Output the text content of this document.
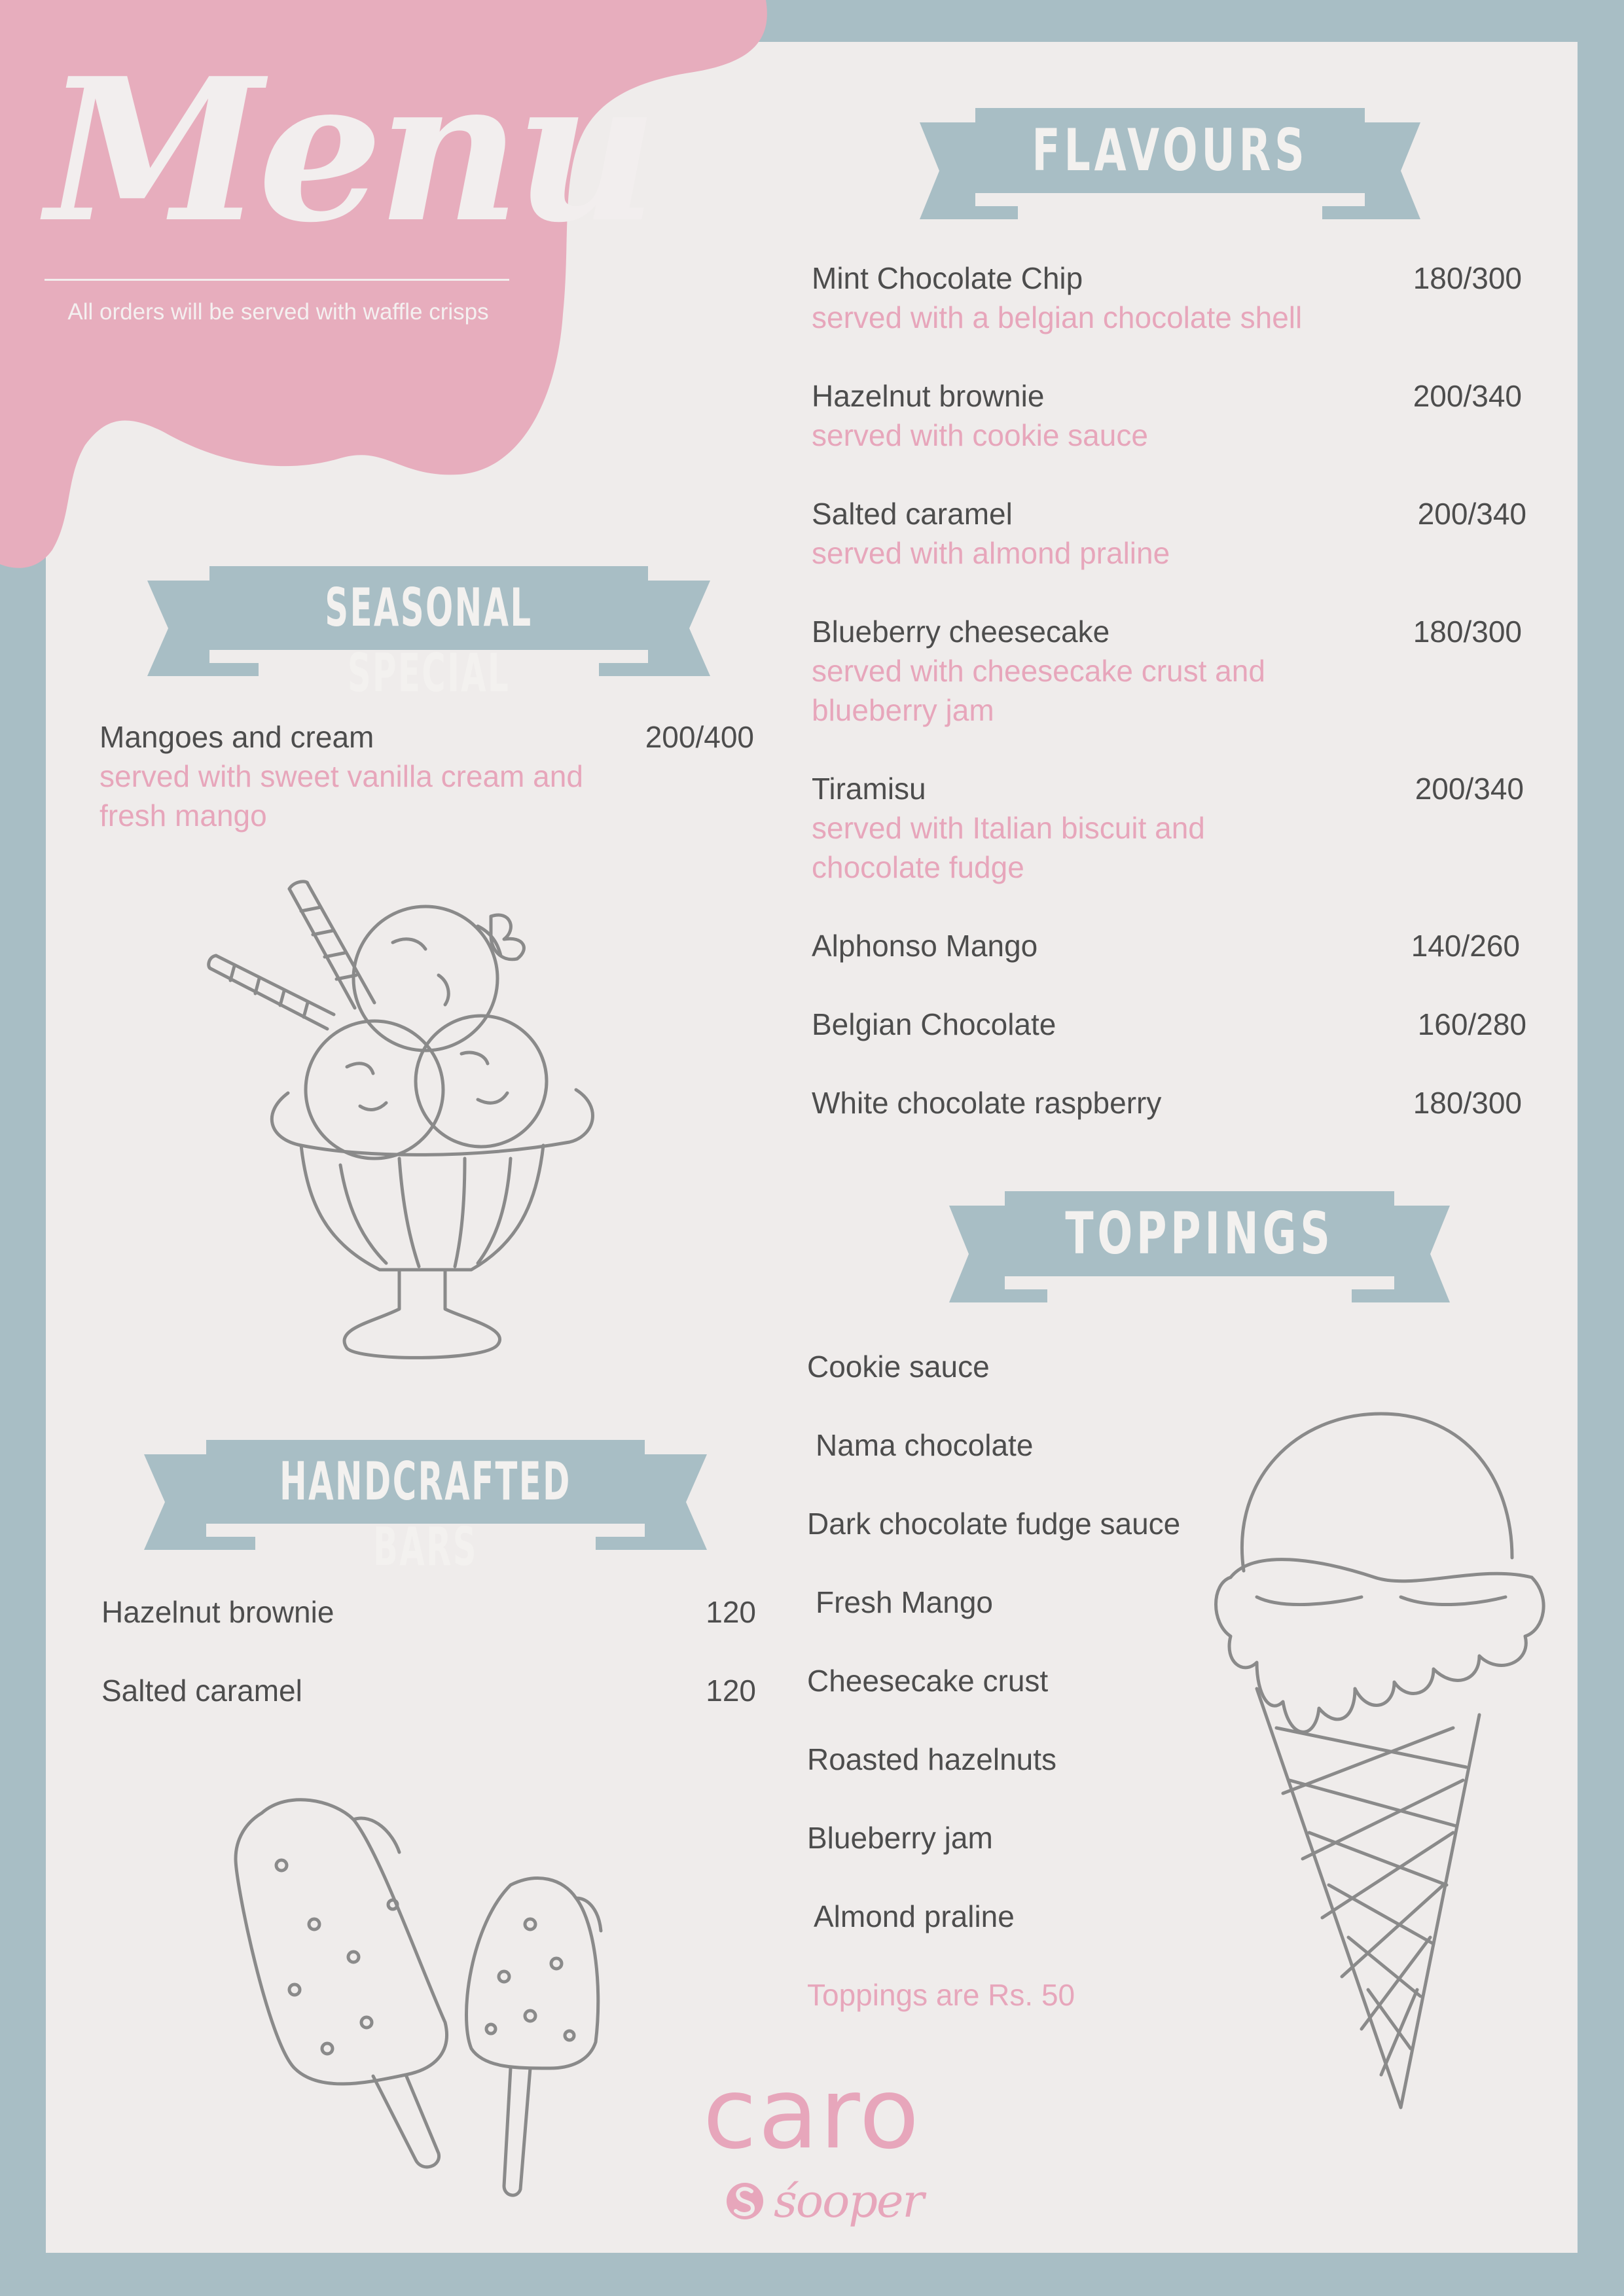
Menu
All orders will be served with waffle crisps
FLAVOURS
SEASONAL SPECIAL
HANDCRAFTED BARS
TOPPINGS
Mangoes and cream	200/400
served with sweet vanilla cream and fresh mango
Mint Chocolate Chip	180/300
served with a belgian chocolate shell
Hazelnut brownie	200/340
served with cookie sauce
Salted caramel	200/340
served with almond praline
Blueberry cheesecake	180/300
served with cheesecake crust and blueberry jam
Tiramisu	200/340
served with Italian biscuit and chocolate fudge
Alphonso Mango	140/260
Belgian Chocolate	160/280
White chocolate raspberry	180/300
Hazelnut brownie	120
Salted caramel	120
Cookie sauce
Nama chocolate
Dark chocolate fudge sauce
Fresh Mango
Cheesecake crust
Roasted hazelnuts
Blueberry jam
Almond praline
Toppings are Rs. 50
caro
śooper
